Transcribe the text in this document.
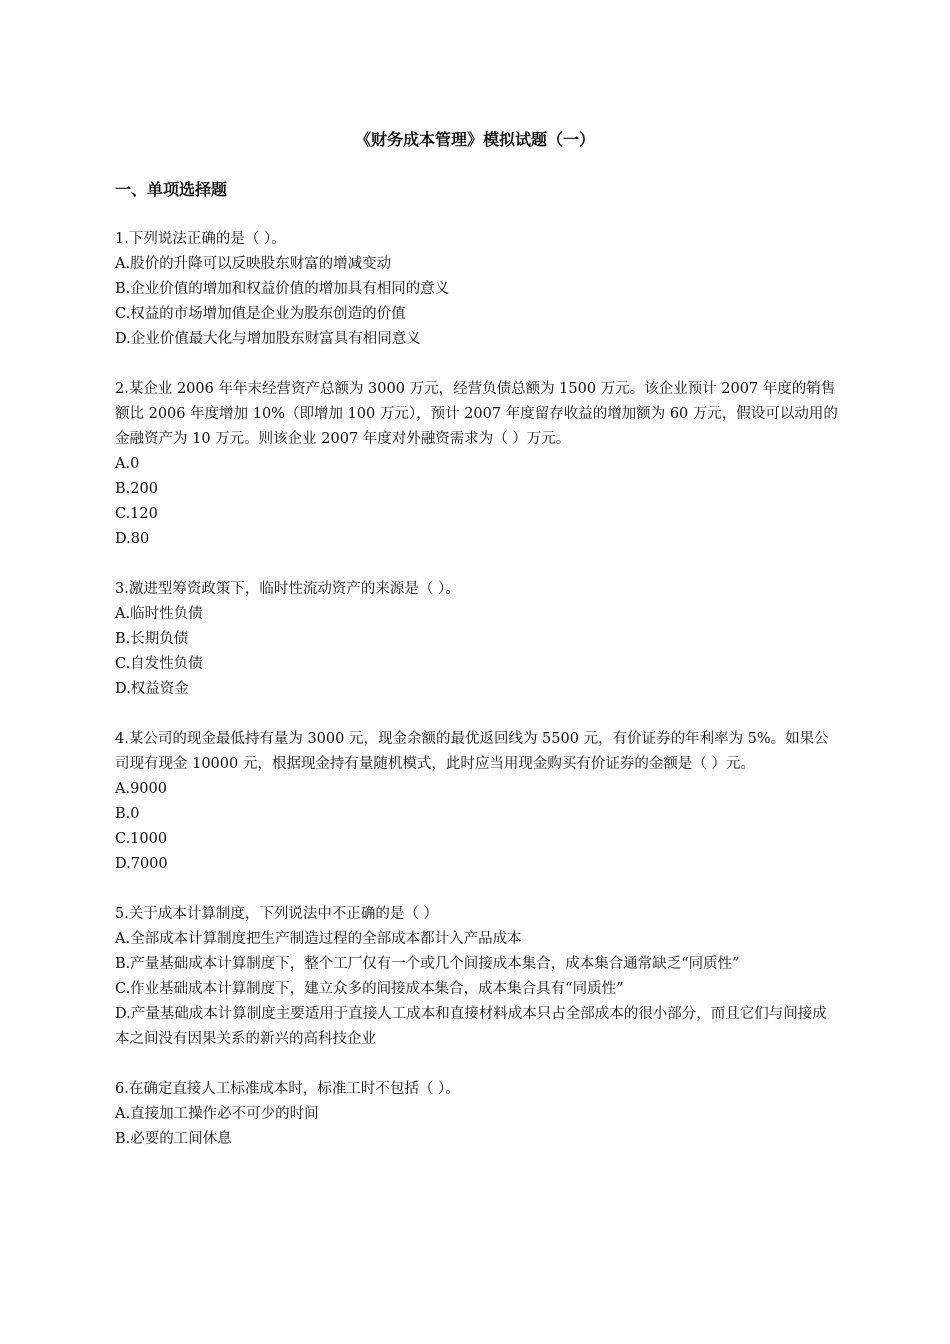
《财务成本管理》模拟试题（一）
一、单项选择题

1.下列说法正确的是（ ）。

A.股价的升降可以反映股东财富的增减变动

B.企业价值的增加和权益价值的增加具有相同的意义

C.权益的市场增加值是企业为股东创造的价值

D.企业价值最大化与增加股东财富具有相同意义

2.某企业 2006 年年末经营资产总额为 3000 万元，经营负债总额为 1500 万元。该企业预计 2007 年度的销售额比 2006 年度增加 10%（即增加 100 万元），预计 2007 年度留存收益的增加额为 60 万元，假设可以动用的金融资产为 10 万元。则该企业 2007 年度对外融资需求为（ ）万元。

A.0

B.200

C.120

D.80

3.激进型筹资政策下，临时性流动资产的来源是（ ）。

A.临时性负债

B.长期负债

C.自发性负债

D.权益资金

4.某公司的现金最低持有量为 3000 元，现金余额的最优返回线为 5500 元，有价证券的年利率为 5%。如果公司现有现金 10000 元，根据现金持有量随机模式，此时应当用现金购买有价证券的金额是（ ）元。

A.9000

B.0

C.1000

D.7000

5.关于成本计算制度，下列说法中不正确的是（ ）

A.全部成本计算制度把生产制造过程的全部成本都计入产品成本

B.产量基础成本计算制度下，整个工厂仅有一个或几个间接成本集合，成本集合通常缺乏“同质性”

C.作业基础成本计算制度下，建立众多的间接成本集合，成本集合具有“同质性”

D.产量基础成本计算制度主要适用于直接人工成本和直接材料成本只占全部成本的很小部分，而且它们与间接成本之间没有因果关系的新兴的高科技企业

6.在确定直接人工标准成本时，标准工时不包括（ ）。

A.直接加工操作必不可少的时间

B.必要的工间休息
